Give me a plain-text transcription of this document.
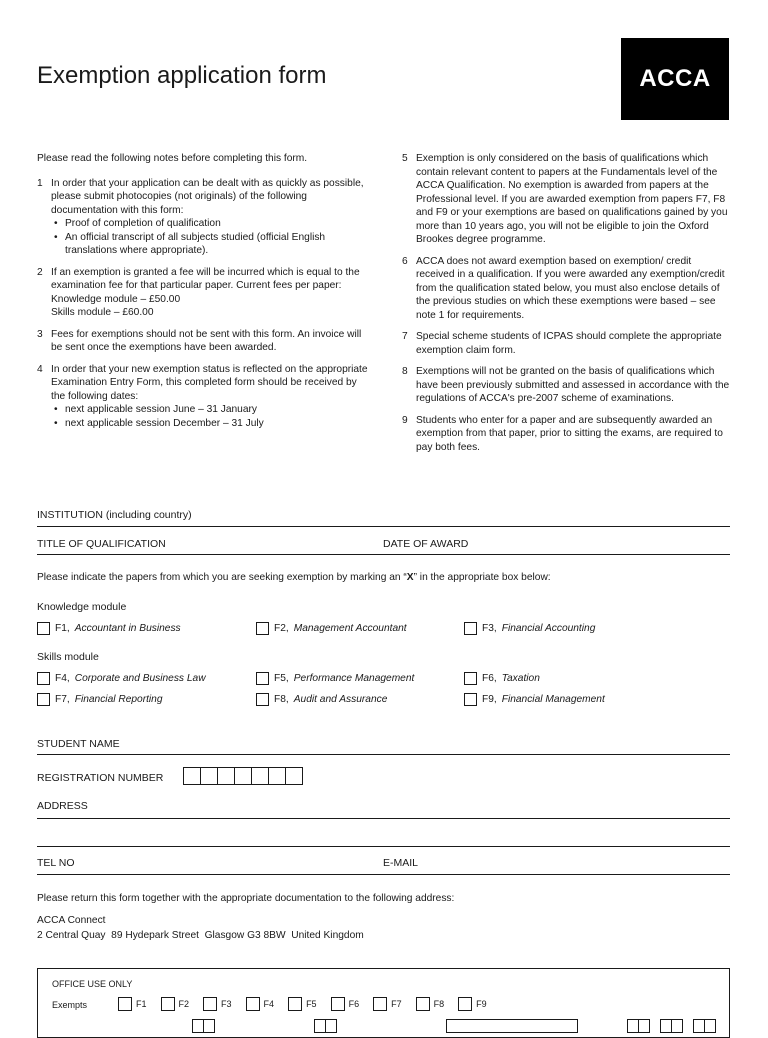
Exemption application form	ACCA

Please read the following notes before completing this form.

1 In order that your application can be dealt with as quickly as possible, please submit photocopies (not originals) of the following documentation with this form:
• Proof of completion of qualification
• An official transcript of all subjects studied (official English translations where appropriate).
2 If an exemption is granted a fee will be incurred which is equal to the examination fee for that particular paper. Current fees per paper:
Knowledge module – £50.00
Skills module – £60.00
3 Fees for exemptions should not be sent with this form. An invoice will be sent once the exemptions have been awarded.
4 In order that your new exemption status is reflected on the appropriate Examination Entry Form, this completed form should be received by the following dates:
• next applicable session June – 31 January
• next applicable session December – 31 July
5 Exemption is only considered on the basis of qualifications which contain relevant content to papers at the Fundamentals level of the ACCA Qualification. No exemption is awarded from papers at the Professional level. If you are awarded exemption from papers F7, F8 and F9 or your exemptions are based on qualifications gained by you more than 10 years ago, you will not be eligible to join the Oxford Brookes degree programme.
6 ACCA does not award exemption based on exemption/ credit received in a qualification. If you were awarded any exemption/credit from the qualification stated below, you must also enclose details of the previous studies on which these exemptions were based – see note 1 for requirements.
7 Special scheme students of ICPAS should complete the appropriate exemption claim form.
8 Exemptions will not be granted on the basis of qualifications which have been previously submitted and assessed in accordance with the regulations of ACCA's pre-2007 scheme of examinations.
9 Students who enter for a paper and are subsequently awarded an exemption from that paper, prior to sitting the exams, are required to pay both fees.
INSTITUTION (including country)
TITLE OF QUALIFICATION	DATE OF AWARD
Please indicate the papers from which you are seeking exemption by marking an “X” in the appropriate box below:
Knowledge module
F1, Accountant in Business	F2, Management Accountant	F3, Financial Accounting
Skills module
F4, Corporate and Business Law	F5, Performance Management	F6, Taxation
F7, Financial Reporting	F8, Audit and Assurance	F9, Financial Management
STUDENT NAME
REGISTRATION NUMBER
ADDRESS
TEL NO	E-MAIL
Please return this form together with the appropriate documentation to the following address:
ACCA Connect
2 Central Quay  89 Hydepark Street  Glasgow G3 8BW  United Kingdom
OFFICE USE ONLY
Exempts	F1	F2	F3	F4	F5	F6	F7	F8	F9
